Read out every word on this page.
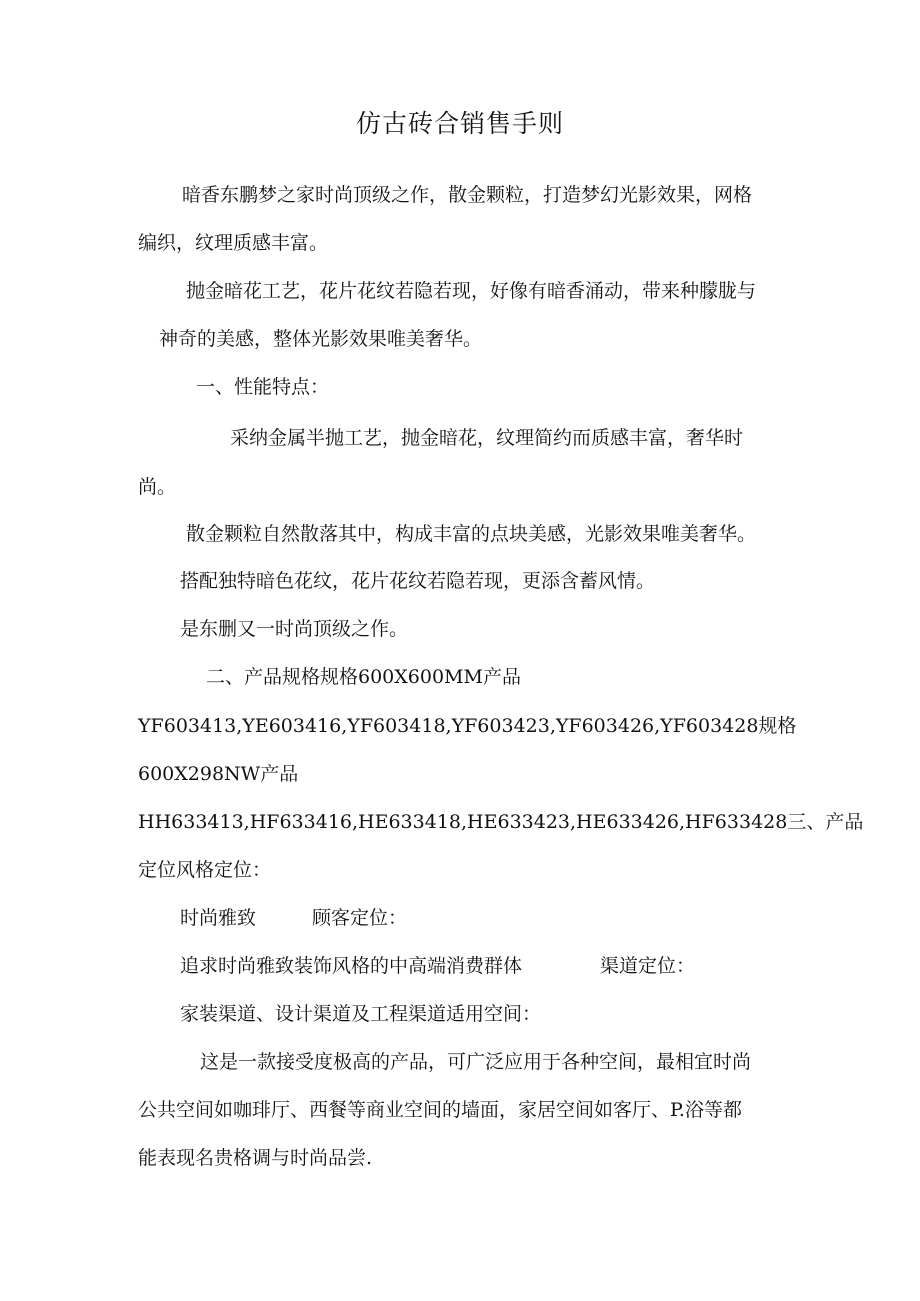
仿古砖合销售手则
暗香东鹏梦之家时尚顶级之作，散金颗粒，打造梦幻光影效果，网格
编织，纹理质感丰富。
抛金暗花工艺，花片花纹若隐若现，好像有暗香涌动，带来种朦胧与
神奇的美感，整体光影效果唯美奢华。
一、性能特点：
采纳金属半抛工艺，抛金暗花，纹理简约而质感丰富，奢华时
尚。
散金颗粒自然散落其中，构成丰富的点块美感，光影效果唯美奢华。
搭配独特暗色花纹，花片花纹若隐若现，更添含蓄风情。
是东删又一时尚顶级之作。
二、产品规格规格600X600MM产品
YF603413,YE603416,YF603418,YF603423,YF603426,YF603428规格
600X298NW产品
HH633413,HF633416,HE633418,HE633423,HE633426,HF633428三、产品
定位风格定位：
时尚雅致	顾客定位：
追求时尚雅致装饰风格的中高端消费群体	渠道定位：
家装渠道、设计渠道及工程渠道适用空间：
这是一款接受度极高的产品，可广泛应用于各种空间，最相宜时尚
公共空间如咖琲厅、西餐等商业空间的墙面，家居空间如客厅、P.浴等都
能表现名贵格调与时尚品尝.
